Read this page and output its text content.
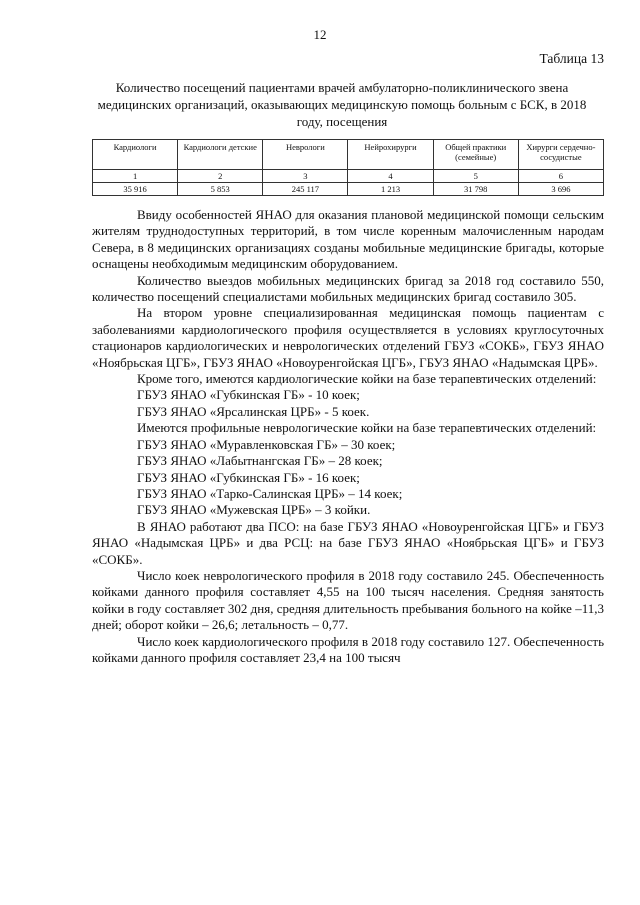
12
Таблица 13
Количество посещений пациентами врачей амбулаторно-поликлинического звена медицинских организаций, оказывающих медицинскую помощь больным с БСК, в 2018 году, посещения
Кардиологи	Кардиологи детские	Неврологи	Нейрохирурги	Общей практики (семейные)	Хирурги сердечно-сосудистые
1	2	3	4	5	6
35 916	5 853	245 117	1 213	31 798	3 696

Ввиду особенностей ЯНАО для оказания плановой медицинской помощи сельским жителям труднодоступных территорий, в том числе коренным малочисленным народам Севера, в 8 медицинских организациях созданы мобильные медицинские бригады, которые оснащены необходимым медицинским оборудованием.

Количество выездов мобильных медицинских бригад за 2018 год составило 550, количество посещений специалистами мобильных медицинских бригад составило 305.

На втором уровне специализированная медицинская помощь пациентам с заболеваниями кардиологического профиля осуществляется в условиях круглосуточных стационаров кардиологических и неврологических отделений ГБУЗ «СОКБ», ГБУЗ ЯНАО «Ноябрьская ЦГБ», ГБУЗ ЯНАО «Новоуренгойская ЦГБ», ГБУЗ ЯНАО «Надымская ЦРБ».

Кроме того, имеются кардиологические койки на базе терапевтических отделений:

ГБУЗ ЯНАО «Губкинская ГБ» - 10 коек;

ГБУЗ ЯНАО «Ярсалинская ЦРБ» - 5 коек.

Имеются профильные неврологические койки на базе терапевтических отделений:

ГБУЗ ЯНАО «Муравленковская ГБ» – 30 коек;

ГБУЗ ЯНАО «Лабытнангская ГБ» – 28 коек;

ГБУЗ ЯНАО «Губкинская ГБ» - 16 коек;

ГБУЗ ЯНАО «Тарко-Салинская ЦРБ» – 14 коек;

ГБУЗ ЯНАО «Мужевская ЦРБ» – 3 койки.

В ЯНАО работают два ПСО: на базе ГБУЗ ЯНАО «Новоуренгойская ЦГБ» и ГБУЗ ЯНАО «Надымская ЦРБ» и два РСЦ: на базе ГБУЗ ЯНАО «Ноябрьская ЦГБ» и ГБУЗ «СОКБ».

Число коек неврологического профиля в 2018 году составило 245. Обеспеченность койками данного профиля составляет 4,55 на 100 тысяч населения. Средняя занятость койки в году составляет 302 дня, средняя длительность пребывания больного на койке –11,3 дней; оборот койки – 26,6; летальность – 0,77.

Число коек кардиологического профиля в 2018 году составило 127. Обеспеченность койками данного профиля составляет 23,4 на 100 тысяч
